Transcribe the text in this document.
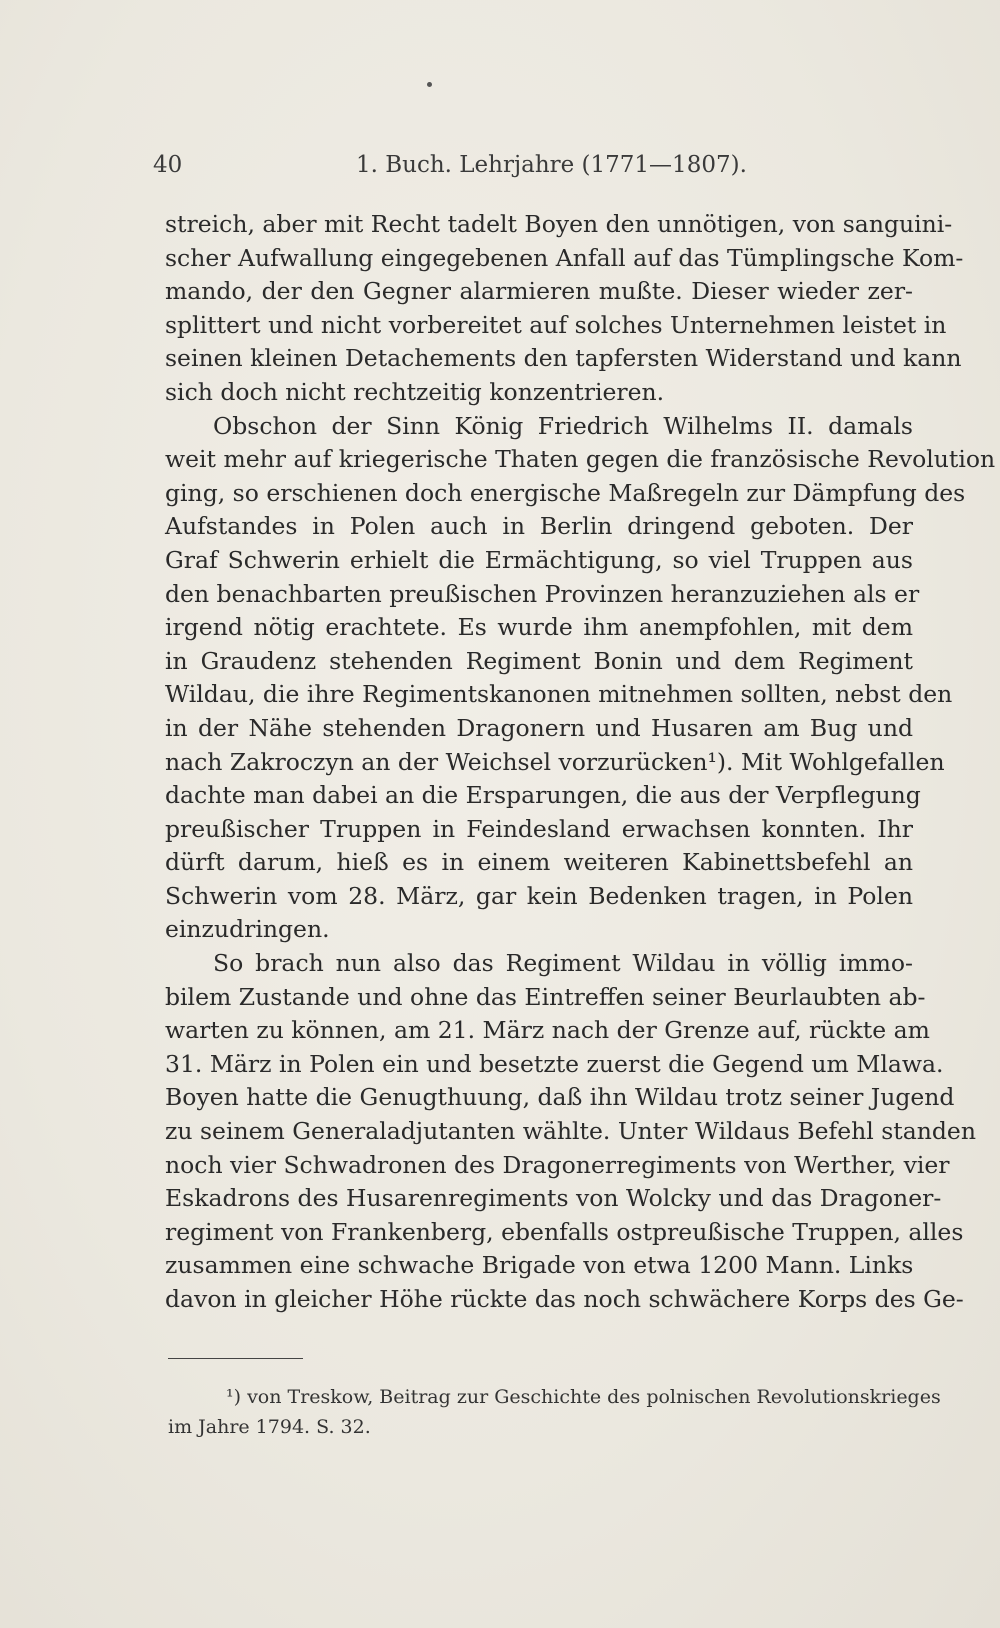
40	1. Buch. Lehrjahre (1771—1807).
streich, aber mit Recht tadelt Boyen den unnötigen, von sanguini-
scher Aufwallung eingegebenen Anfall auf das Tümplingsche Kom-
mando, der den Gegner alarmieren mußte. Dieser wieder zer-
splittert und nicht vorbereitet auf solches Unternehmen leistet in
seinen kleinen Detachements den tapfersten Widerstand und kann
sich doch nicht rechtzeitig konzentrieren.
Obschon der Sinn König Friedrich Wilhelms II. damals
weit mehr auf kriegerische Thaten gegen die französische Revolution
ging, so erschienen doch energische Maßregeln zur Dämpfung des
Aufstandes in Polen auch in Berlin dringend geboten. Der
Graf Schwerin erhielt die Ermächtigung, so viel Truppen aus
den benachbarten preußischen Provinzen heranzuziehen als er
irgend nötig erachtete. Es wurde ihm anempfohlen, mit dem
in Graudenz stehenden Regiment Bonin und dem Regiment
Wildau, die ihre Regimentskanonen mitnehmen sollten, nebst den
in der Nähe stehenden Dragonern und Husaren am Bug und
nach Zakroczyn an der Weichsel vorzurücken¹). Mit Wohlgefallen
dachte man dabei an die Ersparungen, die aus der Verpflegung
preußischer Truppen in Feindesland erwachsen konnten. Ihr
dürft darum, hieß es in einem weiteren Kabinettsbefehl an
Schwerin vom 28. März, gar kein Bedenken tragen, in Polen
einzudringen.
So brach nun also das Regiment Wildau in völlig immo-
bilem Zustande und ohne das Eintreffen seiner Beurlaubten ab-
warten zu können, am 21. März nach der Grenze auf, rückte am
31. März in Polen ein und besetzte zuerst die Gegend um Mlawa.
Boyen hatte die Genugthuung, daß ihn Wildau trotz seiner Jugend
zu seinem Generaladjutanten wählte. Unter Wildaus Befehl standen
noch vier Schwadronen des Dragonerregiments von Werther, vier
Eskadrons des Husarenregiments von Wolcky und das Dragoner-
regiment von Frankenberg, ebenfalls ostpreußische Truppen, alles
zusammen eine schwache Brigade von etwa 1200 Mann. Links
davon in gleicher Höhe rückte das noch schwächere Korps des Ge-
¹) von Treskow, Beitrag zur Geschichte des polnischen Revolutionskrieges
im Jahre 1794. S. 32.
